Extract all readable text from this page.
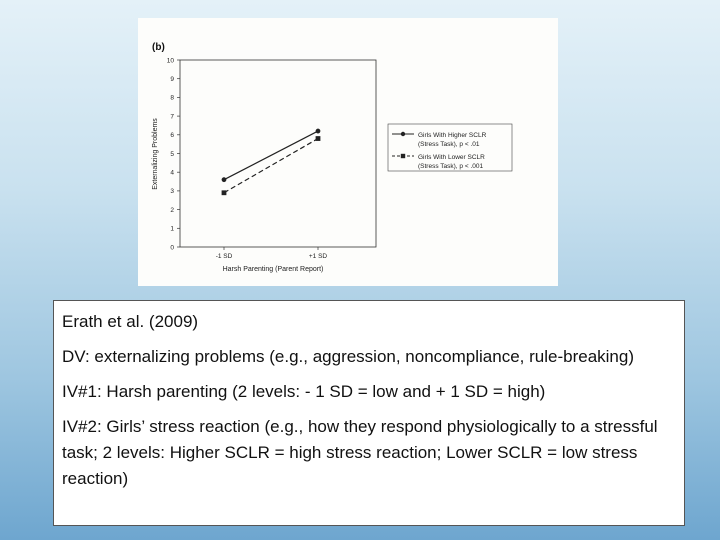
(b)
0
1
2
3
4
5
6
7
8
9
10
Externalizing Problems
-1 SD	+1 SD
Harsh Parenting (Parent Report)
Girls With Higher SCLR
(Stress Task), p < .01
Girls With Lower SCLR
(Stress Task), p < .001

Erath et al. (2009)

DV: externalizing problems (e.g., aggression, noncompliance, rule-breaking)

IV#1: Harsh parenting (2 levels: - 1 SD = low and + 1 SD = high)

IV#2: Girls’ stress reaction (e.g., how they respond physiologically to a stressful task; 2 levels: Higher SCLR = high stress reaction; Lower SCLR = low stress reaction)
